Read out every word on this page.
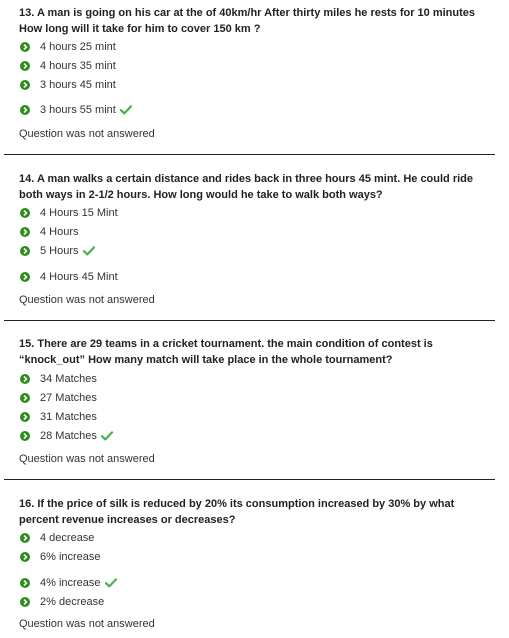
13. A man is going on his car at the of 40km/hr After thirty miles he rests for 10 minutes How long will it take for him to cover 150 km ?
4 hours 25 mint
4 hours 35 mint
3 hours 45 mint
3 hours 55 mint
Question was not answered
14. A man walks a certain distance and rides back in three hours 45 mint. He could ride both ways in 2-1/2 hours. How long would he take to walk both ways?
4 Hours 15 Mint
4 Hours
5 Hours
4 Hours 45 Mint
Question was not answered
15. There are 29 teams in a cricket tournament. the main condition of contest is “knock_out” How many match will take place in the whole tournament?
34 Matches
27 Matches
31 Matches
28 Matches
Question was not answered
16. If the price of silk is reduced by 20% its consumption increased by 30% by what percent revenue increases or decreases?
4 decrease
6% increase
4% increase
2% decrease
Question was not answered
